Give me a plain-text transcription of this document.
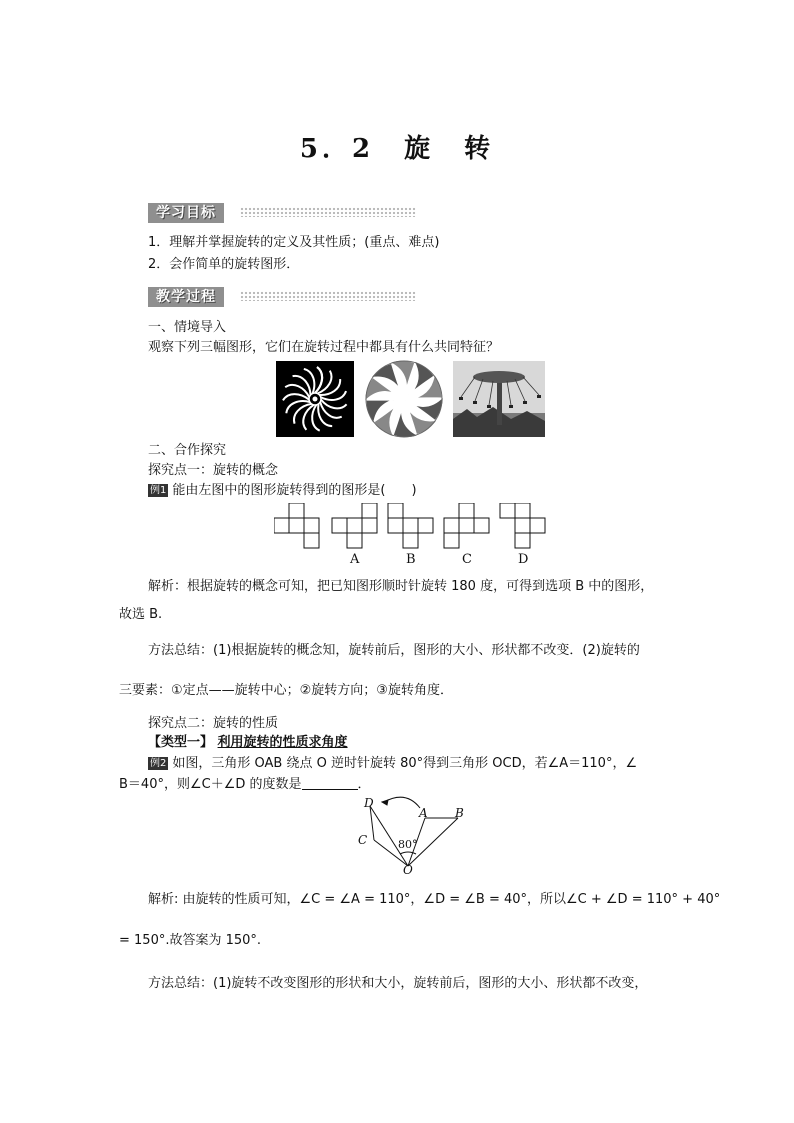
5．2　旋　转
学习目标
1．理解并掌握旋转的定义及其性质；(重点、难点)
2．会作简单的旋转图形．
教学过程
一、情境导入
观察下列三幅图形，它们在旋转过程中都具有什么共同特征？
二、合作探究
探究点一：旋转的概念
例1 能由左图中的图形旋转得到的图形是(　　)
A	B	C	D
解析：根据旋转的概念可知，把已知图形顺时针旋转 180 度，可得到选项 B 中的图形，
故选 B.
方法总结：(1)根据旋转的概念知，旋转前后，图形的大小、形状都不改变．(2)旋转的
三要素：①定点——旋转中心；②旋转方向；③旋转角度．
探究点二：旋转的性质
【类型一】 利用旋转的性质求角度
例2 如图，三角形 OAB 绕点 O 逆时针旋转 80°得到三角形 OCD，若∠A＝110°，∠
B＝40°，则∠C＋∠D 的度数是	．
D
A B
C
O
80°
解析: 由旋转的性质可知，∠C = ∠A = 110°，∠D = ∠B = 40°，所以∠C + ∠D = 110° + 40°
= 150°.故答案为 150°.
方法总结：(1)旋转不改变图形的形状和大小，旋转前后，图形的大小、形状都不改变，
